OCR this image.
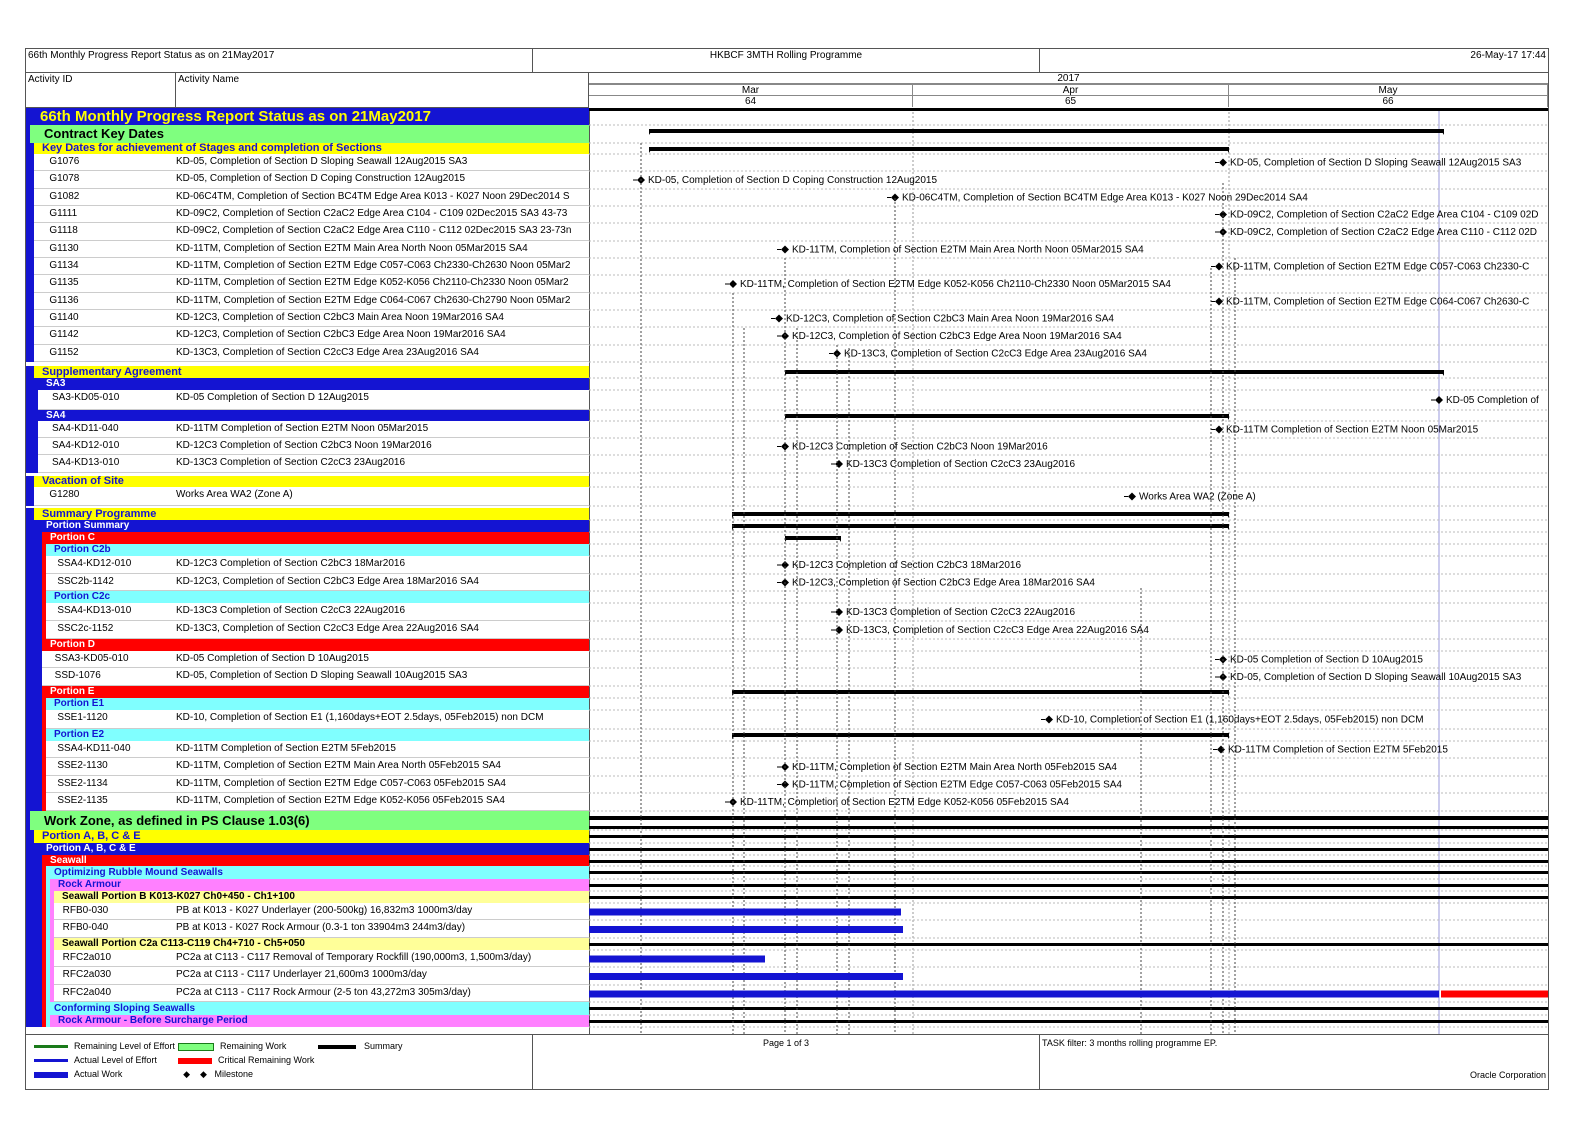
66th Monthly Progress Report Status as on 21May2017	HKBCF 3MTH Rolling Programme	26-May-17 17:44
Activity ID	Activity Name	2017
Mar
64
Apr
65
May
66
66th Monthly Progress Report Status as on 21May2017
Contract Key Dates
Key Dates for achievement of Stages and completion of Sections
G1076	KD-05, Completion of Section D Sloping Seawall 12Aug2015 SA3
G1078	KD-05, Completion of Section D Coping Construction 12Aug2015
G1082	KD-06C4TM, Completion of Section BC4TM Edge Area K013 - K027 Noon 29Dec2014 S
G1111	KD-09C2, Completion of Section C2aC2 Edge Area C104 - C109 02Dec2015 SA3 43-73
G1118	KD-09C2, Completion of Section C2aC2 Edge Area C110 - C112 02Dec2015 SA3 23-73n
G1130	KD-11TM, Completion of Section E2TM Main Area North Noon 05Mar2015 SA4
G1134	KD-11TM, Completion of Section E2TM Edge C057-C063 Ch2330-Ch2630 Noon 05Mar2
G1135	KD-11TM, Completion of Section E2TM Edge K052-K056 Ch2110-Ch2330 Noon 05Mar2
G1136	KD-11TM, Completion of Section E2TM Edge C064-C067 Ch2630-Ch2790 Noon 05Mar2
G1140	KD-12C3, Completion of Section C2bC3 Main Area Noon 19Mar2016 SA4
G1142	KD-12C3, Completion of Section C2bC3 Edge Area Noon 19Mar2016 SA4
G1152	KD-13C3, Completion of Section C2cC3 Edge Area 23Aug2016 SA4
Supplementary Agreement
SA3
SA3-KD05-010	KD-05 Completion of Section D 12Aug2015
SA4
SA4-KD11-040	KD-11TM Completion of Section E2TM Noon 05Mar2015
SA4-KD12-010	KD-12C3 Completion of Section C2bC3 Noon 19Mar2016
SA4-KD13-010	KD-13C3 Completion of Section C2cC3 23Aug2016
Vacation of Site
G1280	Works Area WA2 (Zone A)
Summary Programme
Portion Summary
Portion C
Portion C2b
SSA4-KD12-010	KD-12C3 Completion of Section C2bC3 18Mar2016
SSC2b-1142	KD-12C3, Completion of Section C2bC3 Edge Area 18Mar2016 SA4
Portion C2c
SSA4-KD13-010	KD-13C3 Completion of Section C2cC3 22Aug2016
SSC2c-1152	KD-13C3, Completion of Section C2cC3 Edge Area 22Aug2016 SA4
Portion D
SSA3-KD05-010	KD-05 Completion of Section D 10Aug2015
SSD-1076	KD-05, Completion of Section D Sloping Seawall 10Aug2015 SA3
Portion E
Portion E1
SSE1-1120	KD-10, Completion of Section E1 (1,160days+EOT 2.5days, 05Feb2015) non DCM
Portion E2
SSA4-KD11-040	KD-11TM Completion of Section E2TM 5Feb2015
SSE2-1130	KD-11TM, Completion of Section E2TM Main Area North 05Feb2015 SA4
SSE2-1134	KD-11TM, Completion of Section E2TM Edge C057-C063 05Feb2015 SA4
SSE2-1135	KD-11TM, Completion of Section E2TM Edge K052-K056 05Feb2015 SA4
Work Zone, as defined in PS Clause 1.03(6)
Portion A, B, C & E
Portion A, B, C & E
Seawall
Optimizing Rubble Mound Seawalls
Rock Armour
Seawall Portion B K013-K027 Ch0+450 - Ch1+100
RFB0-030	PB at K013 - K027 Underlayer (200-500kg) 16,832m3 1000m3/day
RFB0-040	PB at K013 - K027 Rock Armour (0.3-1 ton 33904m3 244m3/day)
Seawall Portion C2a C113-C119 Ch4+710 - Ch5+050
RFC2a010	PC2a at C113 - C117 Removal of Temporary Rockfill (190,000m3, 1,500m3/day)
RFC2a030	PC2a at C113 - C117 Underlayer 21,600m3 1000m3/day
RFC2a040	PC2a at C113 - C117 Rock Armour (2-5 ton 43,272m3 305m3/day)
Conforming Sloping Seawalls
Rock Armour - Before Surcharge Period
KD-05, Completion of Section D Sloping Seawall 12Aug2015 SA3
KD-05, Completion of Section D Coping Construction 12Aug2015
KD-06C4TM, Completion of Section BC4TM Edge Area K013 - K027 Noon 29Dec2014 SA4
KD-09C2, Completion of Section C2aC2 Edge Area C104 - C109 02D
KD-09C2, Completion of Section C2aC2 Edge Area C110 - C112 02D
KD-11TM, Completion of Section E2TM Main Area North Noon 05Mar2015 SA4
KD-11TM, Completion of Section E2TM Edge C057-C063 Ch2330-C
KD-11TM, Completion of Section E2TM Edge K052-K056 Ch2110-Ch2330 Noon 05Mar2015 SA4
KD-11TM, Completion of Section E2TM Edge C064-C067 Ch2630-C
KD-12C3, Completion of Section C2bC3 Main Area Noon 19Mar2016 SA4
KD-12C3, Completion of Section C2bC3 Edge Area Noon 19Mar2016 SA4
KD-13C3, Completion of Section C2cC3 Edge Area 23Aug2016 SA4
KD-05 Completion of
KD-11TM Completion of Section E2TM Noon 05Mar2015
KD-12C3 Completion of Section C2bC3 Noon 19Mar2016
KD-13C3 Completion of Section C2cC3 23Aug2016
Works Area WA2 (Zone A)
KD-12C3 Completion of Section C2bC3 18Mar2016
KD-12C3, Completion of Section C2bC3 Edge Area 18Mar2016 SA4
KD-13C3 Completion of Section C2cC3 22Aug2016
KD-13C3, Completion of Section C2cC3 Edge Area 22Aug2016 SA4
KD-05 Completion of Section D 10Aug2015
KD-05, Completion of Section D Sloping Seawall 10Aug2015 SA3
KD-10, Completion of Section E1 (1,160days+EOT 2.5days, 05Feb2015) non DCM
KD-11TM Completion of Section E2TM 5Feb2015
KD-11TM, Completion of Section E2TM Main Area North 05Feb2015 SA4
KD-11TM, Completion of Section E2TM Edge C057-C063 05Feb2015 SA4
KD-11TM, Completion of Section E2TM Edge K052-K056 05Feb2015 SA4
Remaining Level of Effort
Actual Level of Effort
Actual Work
Remaining Work
Critical Remaining Work
◆    ◆ Milestone
Summary	Page 1 of 3	TASK filter: 3 months rolling programme EP.
Oracle Corporation
